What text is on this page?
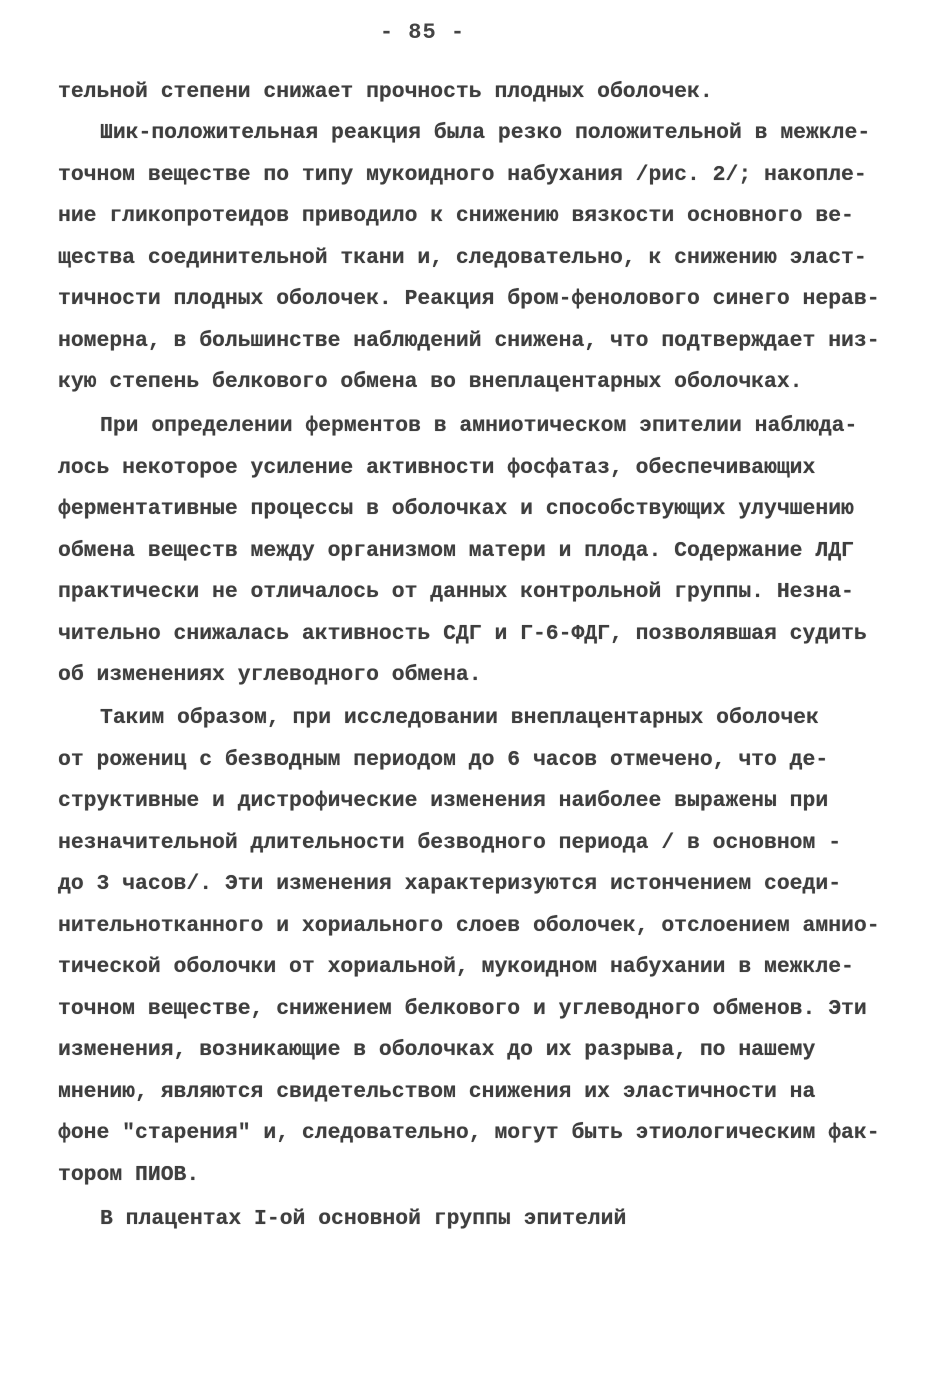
- 85 -
тельной степени снижает прочность плодных оболочек.
Шик-положительная реакция была резко положительной в межкле-
точном веществе по типу мукоидного набухания /рис. 2/; накопле-
ние гликопротеидов приводило к снижению вязкости основного ве-
щества соединительной ткани и, следовательно, к снижению эласт-
тичности плодных оболочек. Реакция бром-фенолового синего нерав-
номерна, в большинстве наблюдений снижена, что подтверждает низ-
кую степень белкового обмена во внеплацентарных оболочках.
При определении ферментов в амниотическом эпителии наблюда-
лось некоторое усиление активности фосфатаз, обеспечивающих
ферментативные процессы в оболочках и способствующих улучшению
обмена веществ между организмом матери и плода. Содержание ЛДГ
практически не отличалось от данных контрольной группы. Незна-
чительно снижалась активность СДГ и Г-6-ФДГ, позволявшая судить
об изменениях углеводного обмена.
Таким образом, при исследовании внеплацентарных оболочек
от рожениц с безводным периодом до 6 часов отмечено, что де-
структивные и дистрофические изменения наиболее выражены при
незначительной длительности безводного периода / в основном -
до 3 часов/. Эти изменения характеризуются истончением соеди-
нительнотканного и хориального слоев оболочек, отслоением амнио-
тической оболочки от хориальной, мукоидном набухании в межкле-
точном веществе, снижением белкового и углеводного обменов. Эти
изменения, возникающие в оболочках до их разрыва, по нашему
мнению, являются свидетельством снижения их эластичности на
фоне "старения" и, следовательно, могут быть этиологическим фак-
тором ПИОВ.
В плацентах I-ой основной группы эпителий
